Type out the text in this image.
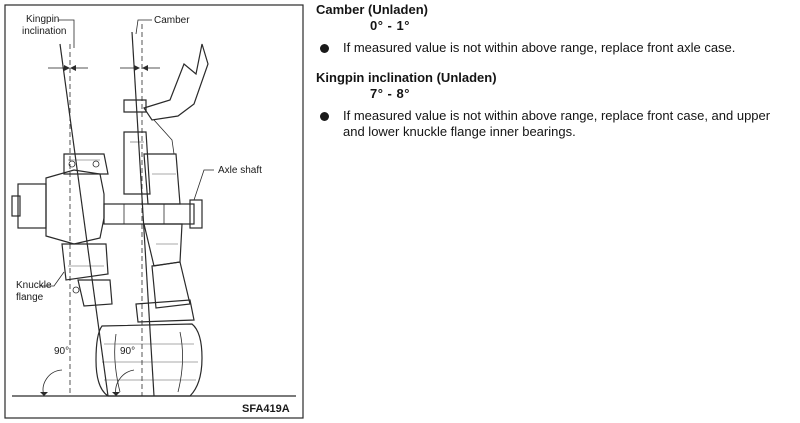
Kingpin
inclination
Camber
Axle shaft
Knuckle
flange
90°	90°
SFA419A

Camber (Unladen)

0° - 1°

If measured value is not within above range, replace front axle case.

Kingpin inclination (Unladen)

7° - 8°

If measured value is not within above range, replace front case, and upper and lower knuckle flange inner bearings.
